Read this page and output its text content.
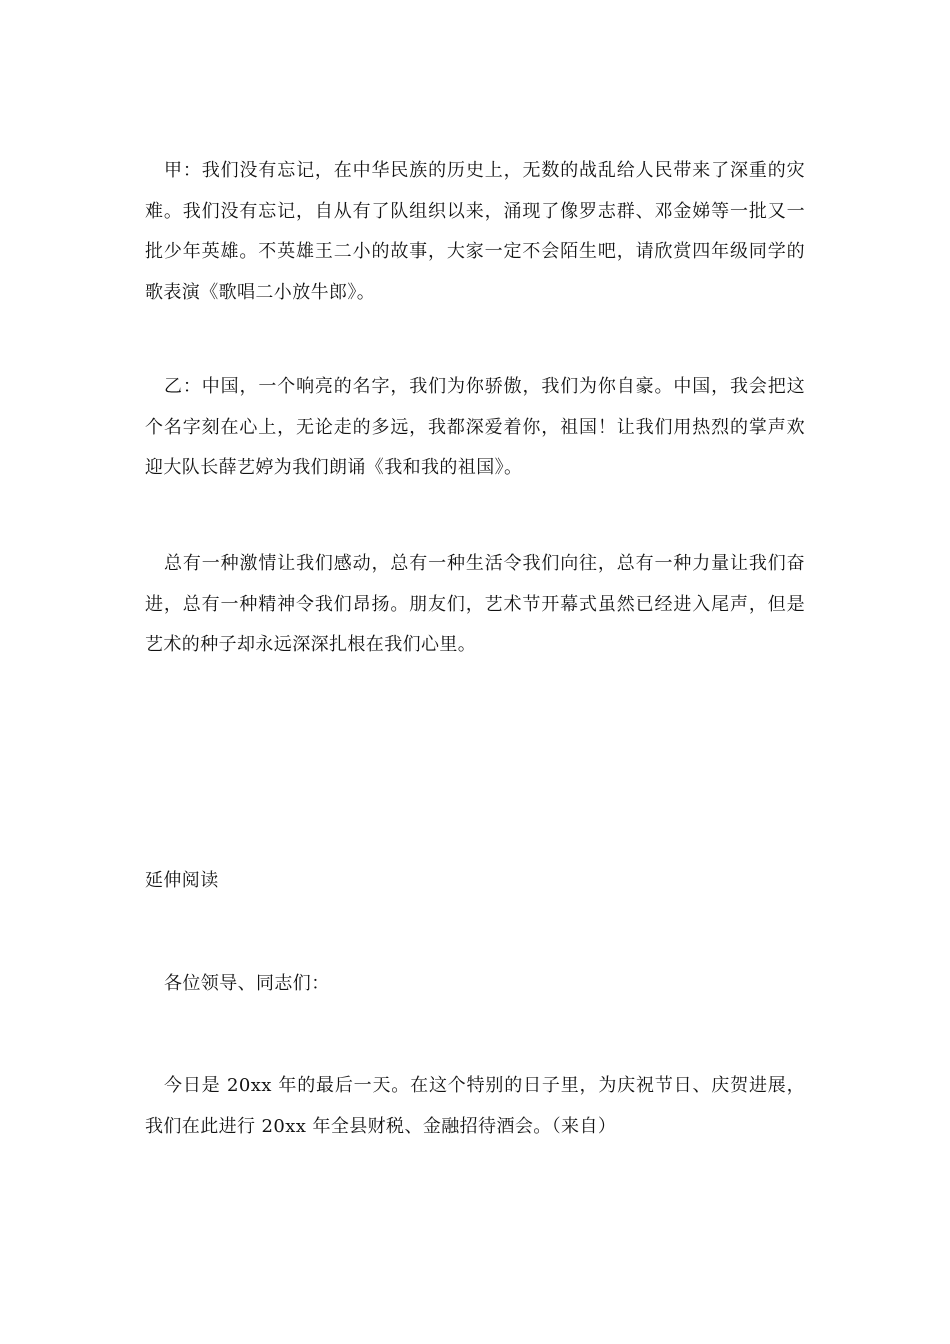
甲：我们没有忘记，在中华民族的历史上，无数的战乱给人民带来了深重的灾难。我们没有忘记，自从有了队组织以来，涌现了像罗志群、邓金娣等一批又一批少年英雄。不英雄王二小的故事，大家一定不会陌生吧，请欣赏四年级同学的歌表演《歌唱二小放牛郎》。

乙：中国，一个响亮的名字，我们为你骄傲，我们为你自豪。中国，我会把这个名字刻在心上，无论走的多远，我都深爱着你，祖国！让我们用热烈的掌声欢迎大队长薛艺婷为我们朗诵《我和我的祖国》。

总有一种激情让我们感动，总有一种生活令我们向往，总有一种力量让我们奋进，总有一种精神令我们昂扬。朋友们，艺术节开幕式虽然已经进入尾声，但是艺术的种子却永远深深扎根在我们心里。

延伸阅读

各位领导、同志们：

今日是 20xx 年的最后一天。在这个特别的日子里，为庆祝节日、庆贺进展，我们在此进行 20xx 年全县财税、金融招待酒会。（来自）
